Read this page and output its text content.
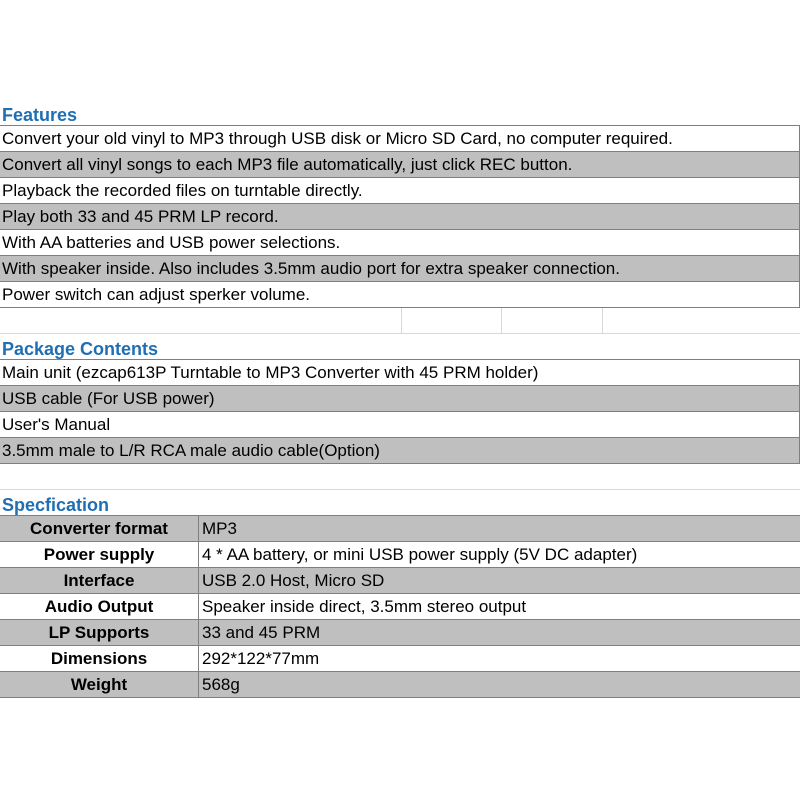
Features
Convert your old vinyl to MP3 through USB disk or Micro SD Card, no computer required.
Convert all vinyl songs to each MP3 file automatically, just click REC button.
Playback the recorded files on turntable directly.
Play both 33 and 45 PRM LP record.
With AA batteries and USB power selections.
With speaker inside. Also includes 3.5mm audio port for extra speaker connection.
Power switch can adjust sperker volume.
Package Contents
Main unit (ezcap613P Turntable to MP3 Converter with 45 PRM holder)
USB cable (For USB power)
User's Manual
3.5mm male to L/R RCA male audio cable(Option)
Specfication
Converter format	MP3
Power supply	4 * AA battery, or mini USB power supply (5V DC adapter)
Interface	USB 2.0 Host, Micro SD
Audio Output	Speaker inside direct, 3.5mm stereo output
LP Supports	33 and 45 PRM
Dimensions	292*122*77mm
Weight	568g
